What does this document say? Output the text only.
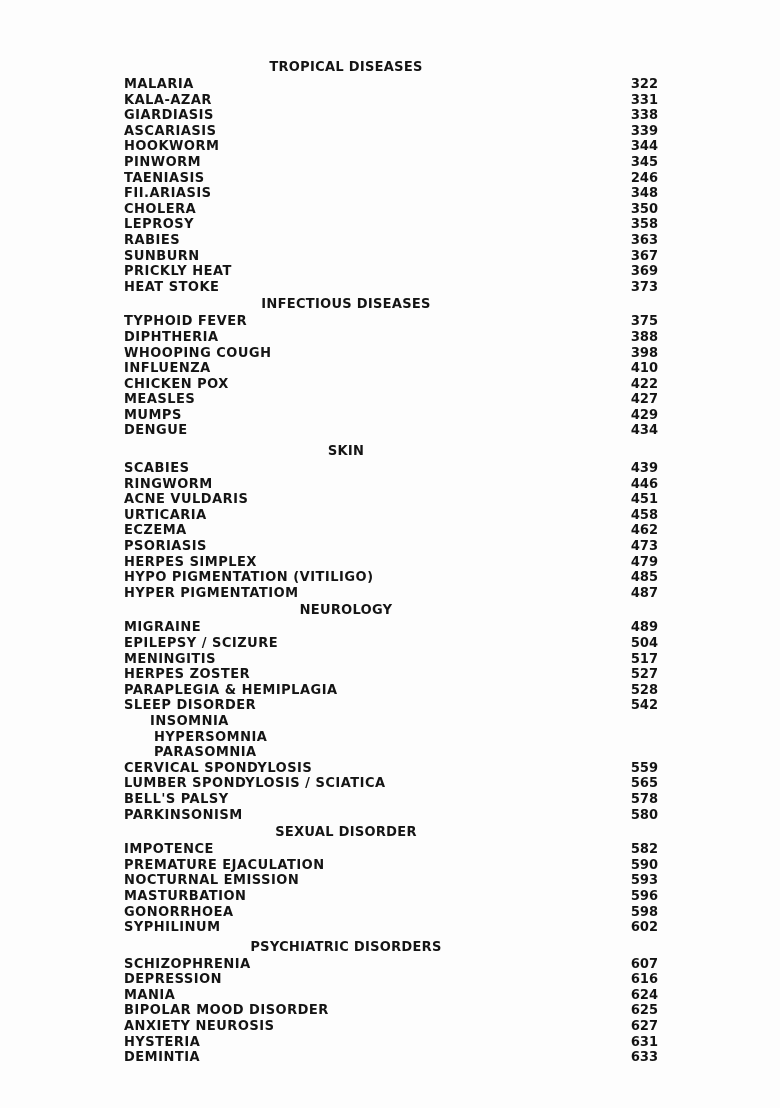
TROPICAL DISEASES
MALARIA	322
KALA-AZAR	331
GIARDIASIS	338
ASCARIASIS	339
HOOKWORM	344
PINWORM	345
TAENIASIS	246
FII.ARIASIS	348
CHOLERA	350
LEPROSY	358
RABIES	363
SUNBURN	367
PRICKLY HEAT	369
HEAT STOKE	373
INFECTIOUS DISEASES
TYPHOID FEVER	375
DIPHTHERIA	388
WHOOPING COUGH	398
INFLUENZA	410
CHICKEN POX	422
MEASLES	427
MUMPS	429
DENGUE	434
SKIN
SCABIES	439
RINGWORM	446
ACNE VULDARIS	451
URTICARIA	458
ECZEMA	462
PSORIASIS	473
HERPES SIMPLEX	479
HYPO PIGMENTATION (VITILIGO)	485
HYPER PIGMENTATIOM	487
NEUROLOGY
MIGRAINE	489
EPILEPSY / SCIZURE	504
MENINGITIS	517
HERPES ZOSTER	527
PARAPLEGIA & HEMIPLAGIA	528
SLEEP DISORDER	542
INSOMNIA
HYPERSOMNIA
PARASOMNIA
CERVICAL SPONDYLOSIS	559
LUMBER SPONDYLOSIS / SCIATICA	565
BELL'S PALSY	578
PARKINSONISM	580
SEXUAL DISORDER
IMPOTENCE	582
PREMATURE EJACULATION	590
NOCTURNAL EMISSION	593
MASTURBATION	596
GONORRHOEA	598
SYPHILINUM	602
PSYCHIATRIC DISORDERS
SCHIZOPHRENIA	607
DEPRESSION	616
MANIA	624
BIPOLAR MOOD DISORDER	625
ANXIETY NEUROSIS	627
HYSTERIA	631
DEMINTIA	633
